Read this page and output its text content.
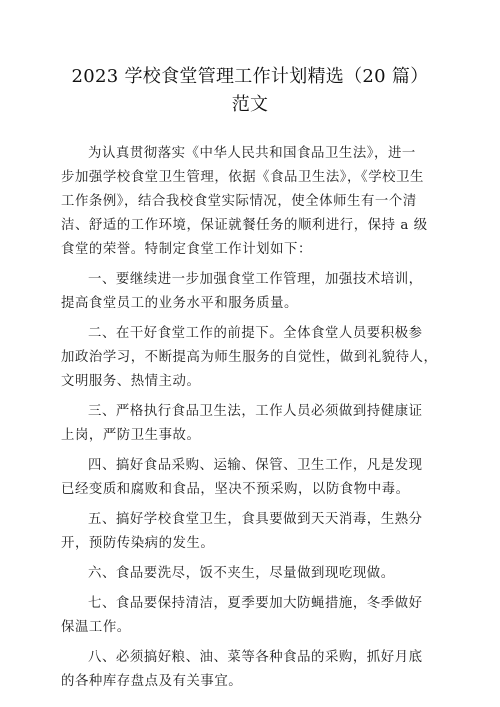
2023 学校食堂管理工作计划精选（20 篇）
范文
为认真贯彻落实《中华人民共和国食品卫生法》，进一
步加强学校食堂卫生管理，依据《食品卫生法》，《学校卫生
工作条例》，结合我校食堂实际情况，使全体师生有一个清
洁、舒适的工作环境，保证就餐任务的顺利进行，保持 a 级
食堂的荣誉。特制定食堂工作计划如下：
一、要继续进一步加强食堂工作管理，加强技术培训，
提高食堂员工的业务水平和服务质量。
二、在干好食堂工作的前提下。全体食堂人员要积极参
加政治学习，不断提高为师生服务的自觉性，做到礼貌待人，
文明服务、热情主动。
三、严格执行食品卫生法，工作人员必须做到持健康证
上岗，严防卫生事故。
四、搞好食品采购、运输、保管、卫生工作，凡是发现
已经变质和腐败和食品，坚决不预采购，以防食物中毒。
五、搞好学校食堂卫生，食具要做到天天消毒，生熟分
开，预防传染病的发生。
六、食品要洗尽，饭不夹生，尽量做到现吃现做。
七、食品要保持清洁，夏季要加大防蝇措施，冬季做好
保温工作。
八、必须搞好粮、油、菜等各种食品的采购，抓好月底
的各种库存盘点及有关事宜。
